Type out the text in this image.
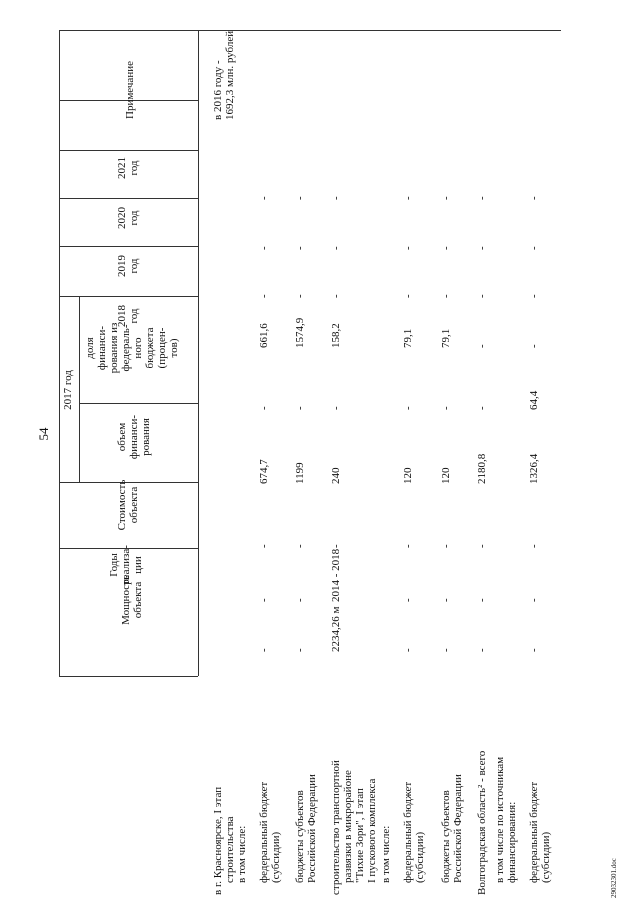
54
Мощность объекта
Годы реализа- ции
Стоимость объекта
2017 год
объем финанси- рования
доля финанси- рования из федераль- ного бюджета (процен- тов)
2018 год
2019 год
2020 год
2021 год
Примечание	в 2016 году - 1692,3 млн. рублей
в г. Красноярске, I этап строительства в том числе: федеральный бюджет (субсидии)
-
-
-
674,7
-
661,6
-
-
-
бюджеты субъектов Российской Федерации
-
-
-
1199
-
1574,9
-
-
-
строительство транспортной развязки в микрорайоне "Тихие Зори", I этап I пускового комплекса
2234,26 м
2014 - 2018
-
240
-
158,2
-
-
-
в том числе: федеральный бюджет (субсидии)
-
-
-
120
-
79,1
-
-
-
бюджеты субъектов Российской Федерации
-
-
-
120
-
79,1
-
-
-
Волгоградская область² - всего
-
-
-
2180,8
-
-
-
-
-
в том числе по источникам финансирования: федеральный бюджет (субсидии)
-
-
-
1326,4
64,4
-
-
-
-
29032301.doc
